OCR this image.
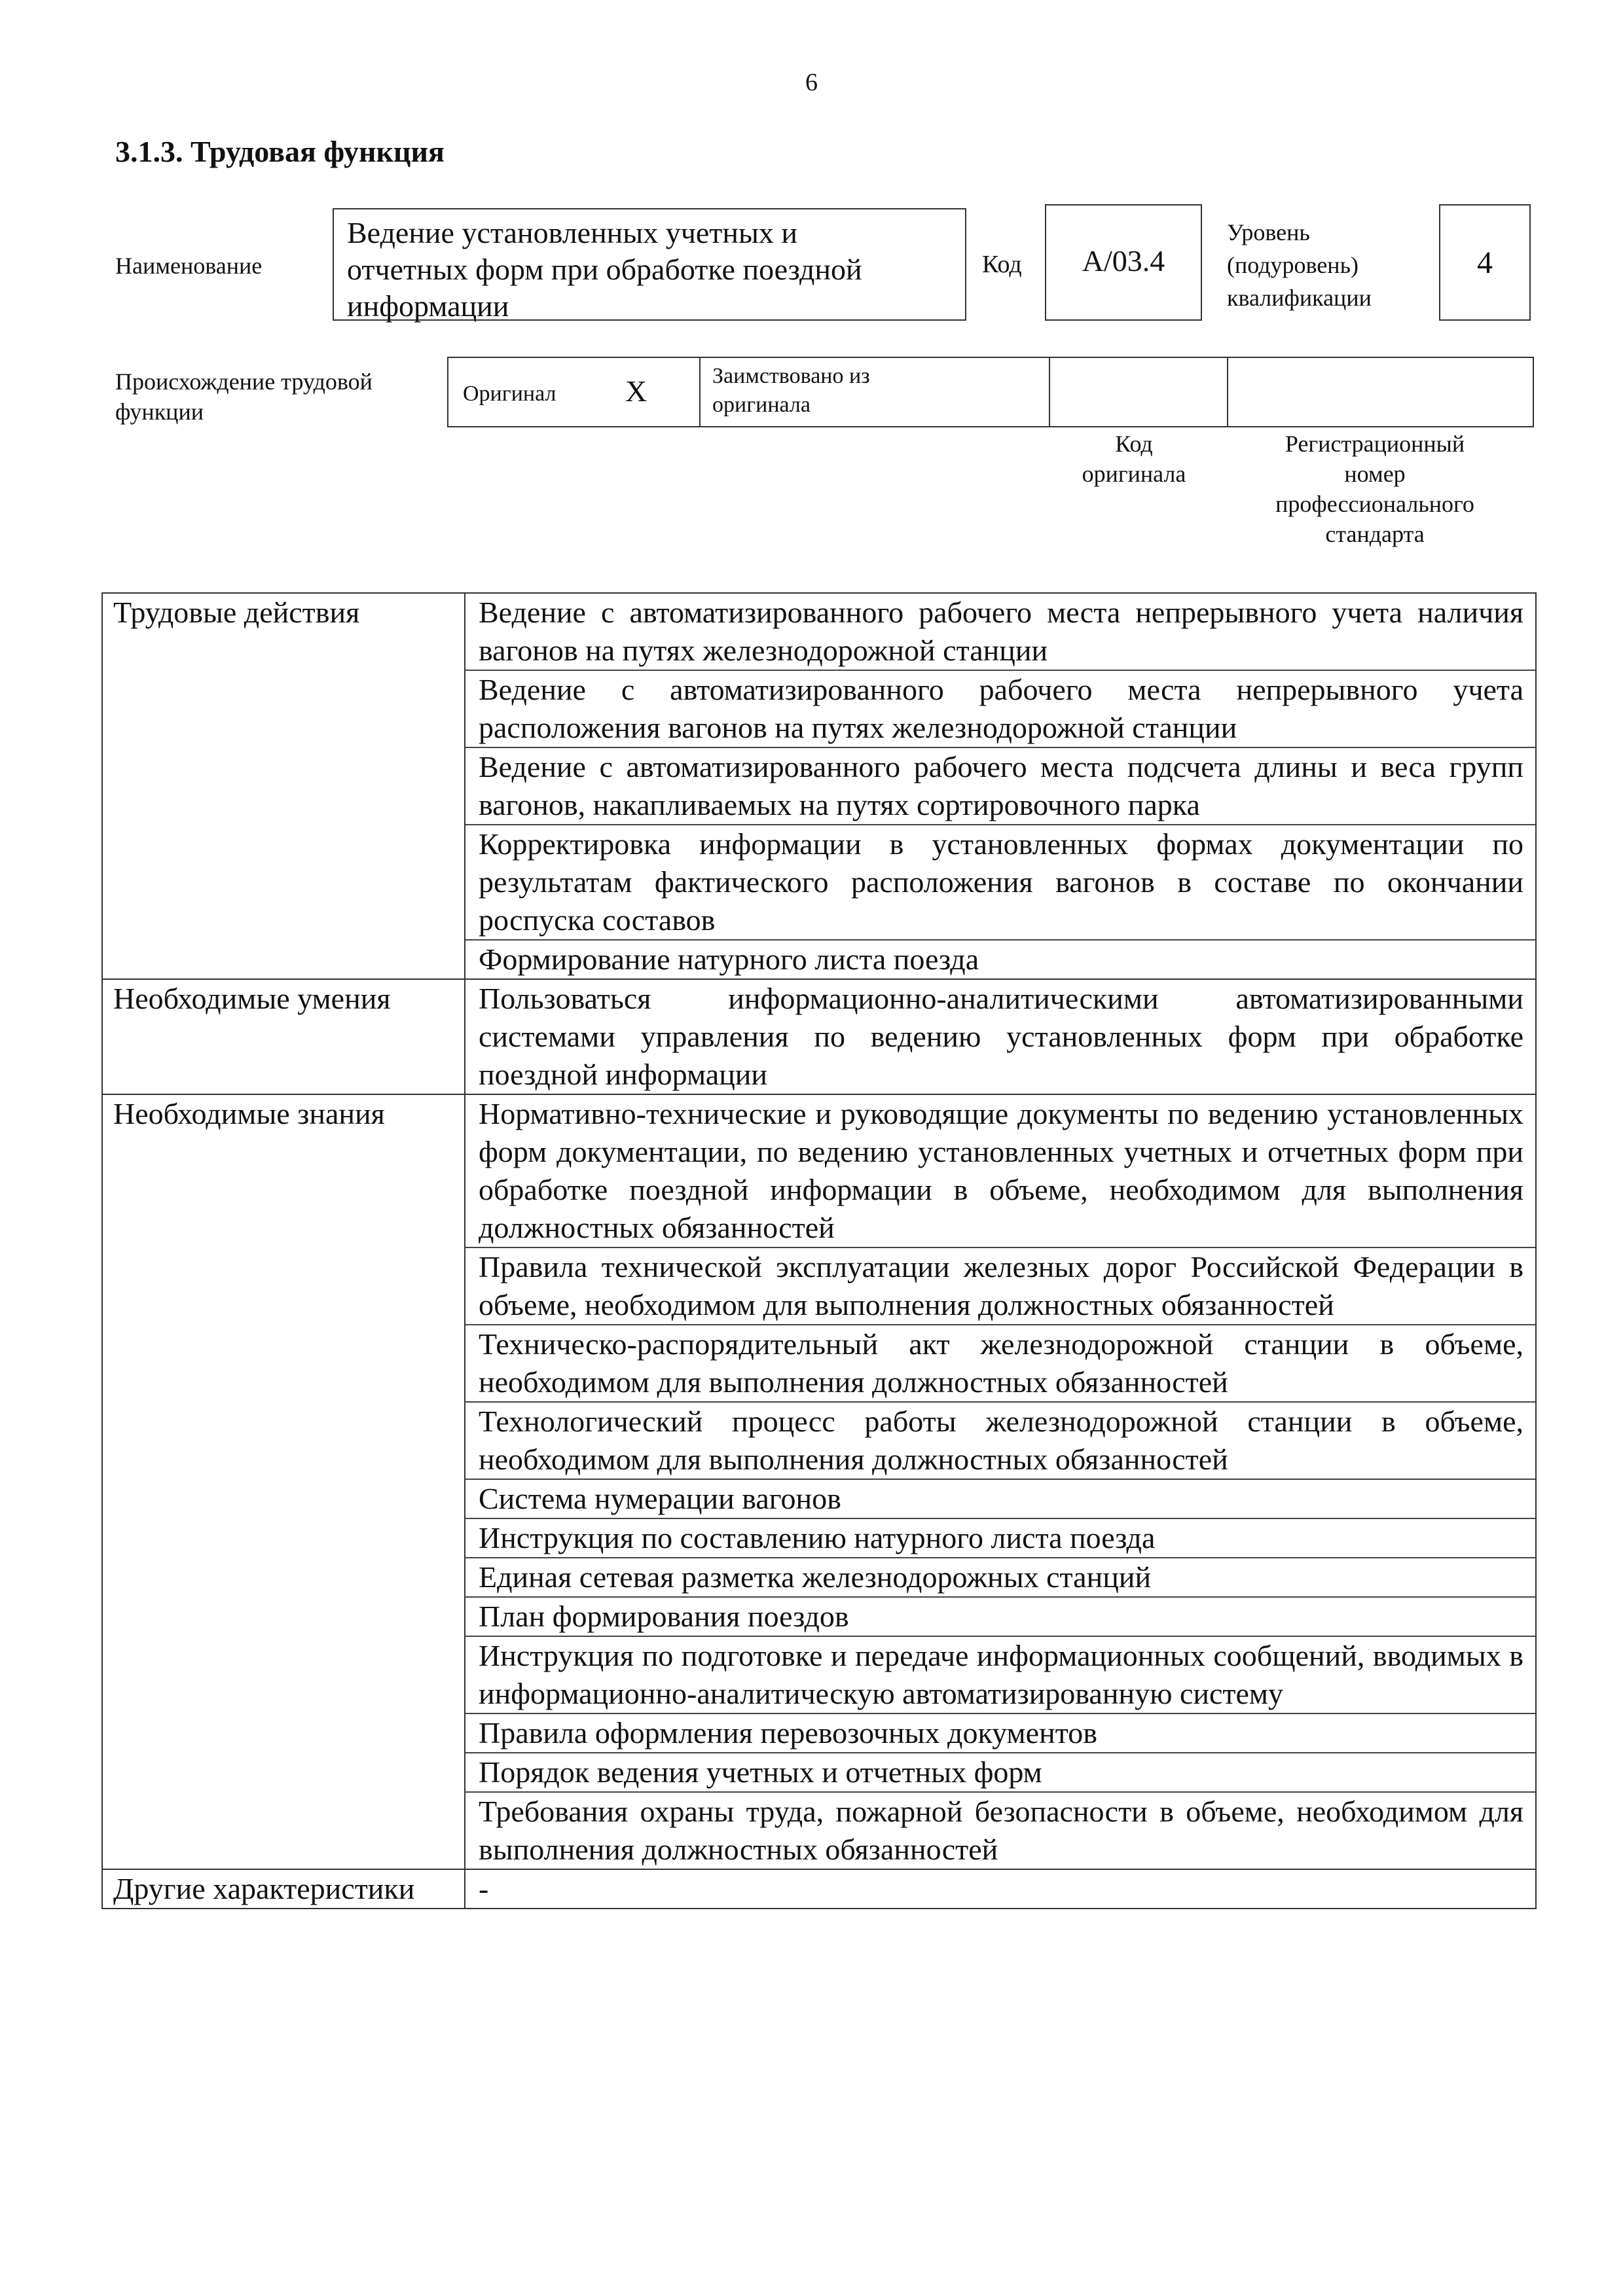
6
3.1.3. Трудовая функция
Наименование
Ведение установленных учетных и
отчетных форм при обработке поездной
информации
Код А/03.4
Уровень
(подуровень)
квалификации
4
Происхождение трудовой
функции
Оригинал X	Заимствовано из
оригинала
Код
оригинала
Регистрационный
номер
профессионального
стандарта
Трудовые действия	Ведение с автоматизированного рабочего места непрерывного учета наличия вагонов на путях железнодорожной станции
Ведение с автоматизированного рабочего места непрерывного учета расположения вагонов на путях железнодорожной станции
Ведение с автоматизированного рабочего места подсчета длины и веса групп вагонов, накапливаемых на путях сортировочного парка
Корректировка информации в установленных формах документации по результатам фактического расположения вагонов в составе по окончании роспуска составов
Формирование натурного листа поезда
Необходимые умения	Пользоваться информационно-аналитическими автоматизированными системами управления по ведению установленных форм при обработке поездной информации
Необходимые знания	Нормативно-технические и руководящие документы по ведению установленных форм документации, по ведению установленных учетных и отчетных форм при обработке поездной информации в объеме, необходимом для выполнения должностных обязанностей
Правила технической эксплуатации железных дорог Российской Федерации в объеме, необходимом для выполнения должностных обязанностей
Техническо-распорядительный акт железнодорожной станции в объеме, необходимом для выполнения должностных обязанностей
Технологический процесс работы железнодорожной станции в объеме, необходимом для выполнения должностных обязанностей
Система нумерации вагонов
Инструкция по составлению натурного листа поезда
Единая сетевая разметка железнодорожных станций
План формирования поездов
Инструкция по подготовке и передаче информационных сообщений, вводимых в информационно-аналитическую автоматизированную систему
Правила оформления перевозочных документов
Порядок ведения учетных и отчетных форм
Требования охраны труда, пожарной безопасности в объеме, необходимом для выполнения должностных обязанностей
Другие характеристики	-
